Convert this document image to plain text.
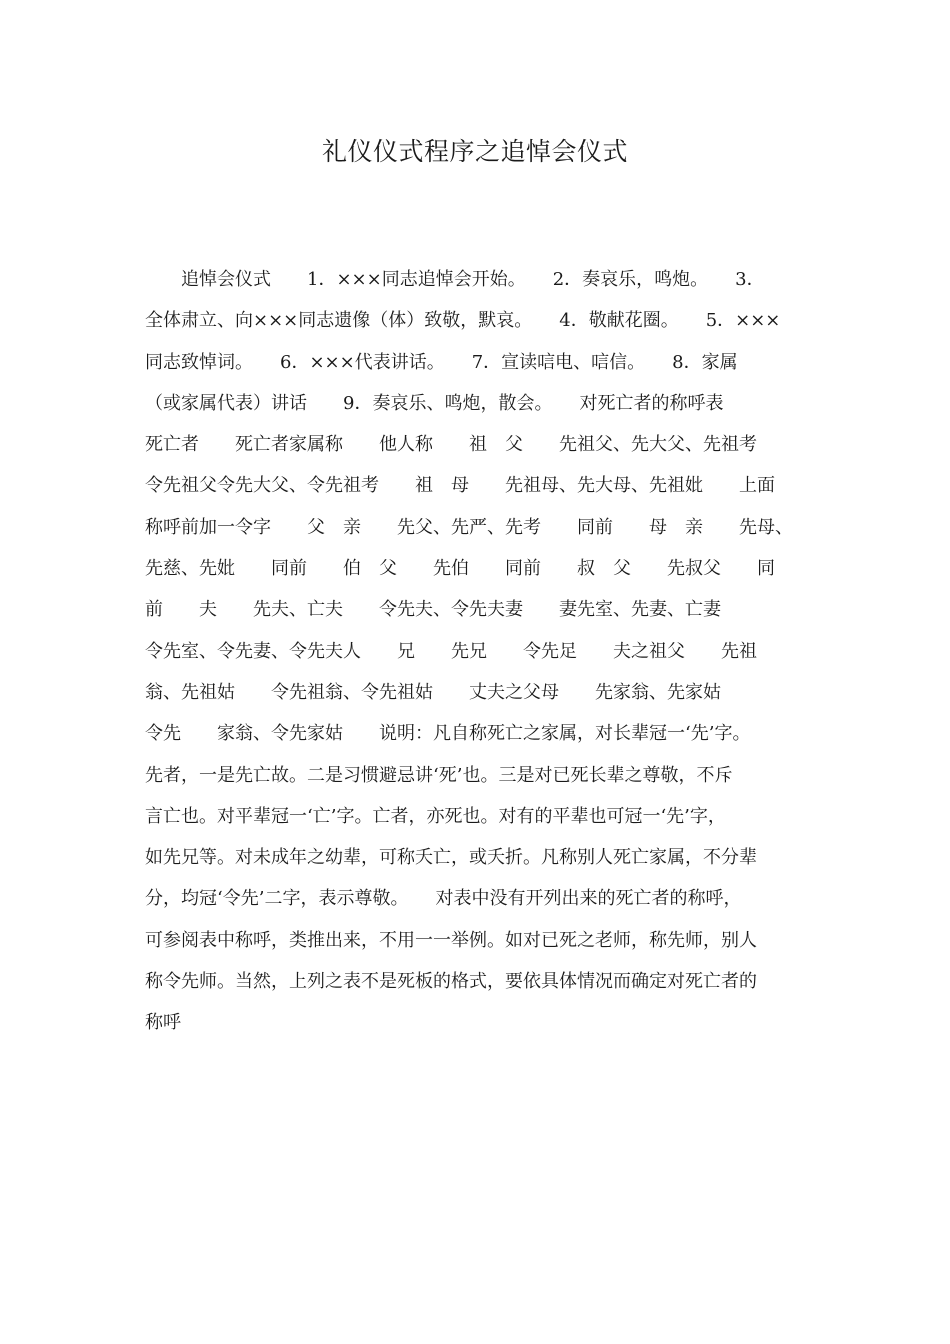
礼仪仪式程序之追悼会仪式
　　追悼会仪式　　1．×××同志追悼会开始。　　2．奏哀乐，鸣炮。　　3．
全体肃立、向×××同志遗像（体）致敬，默哀。　　4．敬献花圈。　　5．×××
同志致悼词。　　6．×××代表讲话。　　7．宣读唁电、唁信。　　8．家属
（或家属代表）讲话　　9．奏哀乐、鸣炮，散会。　　对死亡者的称呼表
死亡者　　死亡者家属称　　他人称　　祖　父　　先祖父、先大父、先祖考
令先祖父令先大父、令先祖考　　祖　母　　先祖母、先大母、先祖妣　　上面
称呼前加一令字　　父　亲　　先父、先严、先考　　同前　　母　亲　　先母、
先慈、先妣　　同前　　伯　父　　先伯　　同前　　叔　父　　先叔父　　同
前　　夫　　先夫、亡夫　　令先夫、令先夫妻　　妻先室、先妻、亡妻
令先室、令先妻、令先夫人　　兄　　先兄　　令先足　　夫之祖父　　先祖
翁、先祖姑　　令先祖翁、令先祖姑　　丈夫之父母　　先家翁、先家姑
令先　　家翁、令先家姑　　说明：凡自称死亡之家属，对长辈冠一‘先’字。
先者，一是先亡故。二是习惯避忌讲‘死’也。三是对已死长辈之尊敬，不斥
言亡也。对平辈冠一‘亡’字。亡者，亦死也。对有的平辈也可冠一‘先’字，
如先兄等。对未成年之幼辈，可称夭亡，或夭折。凡称别人死亡家属，不分辈
分，均冠‘令先’二字，表示尊敬。　　对表中没有开列出来的死亡者的称呼，
可参阅表中称呼，类推出来，不用一一举例。如对已死之老师，称先师，别人
称令先师。当然，上列之表不是死板的格式，要依具体情况而确定对死亡者的
称呼
